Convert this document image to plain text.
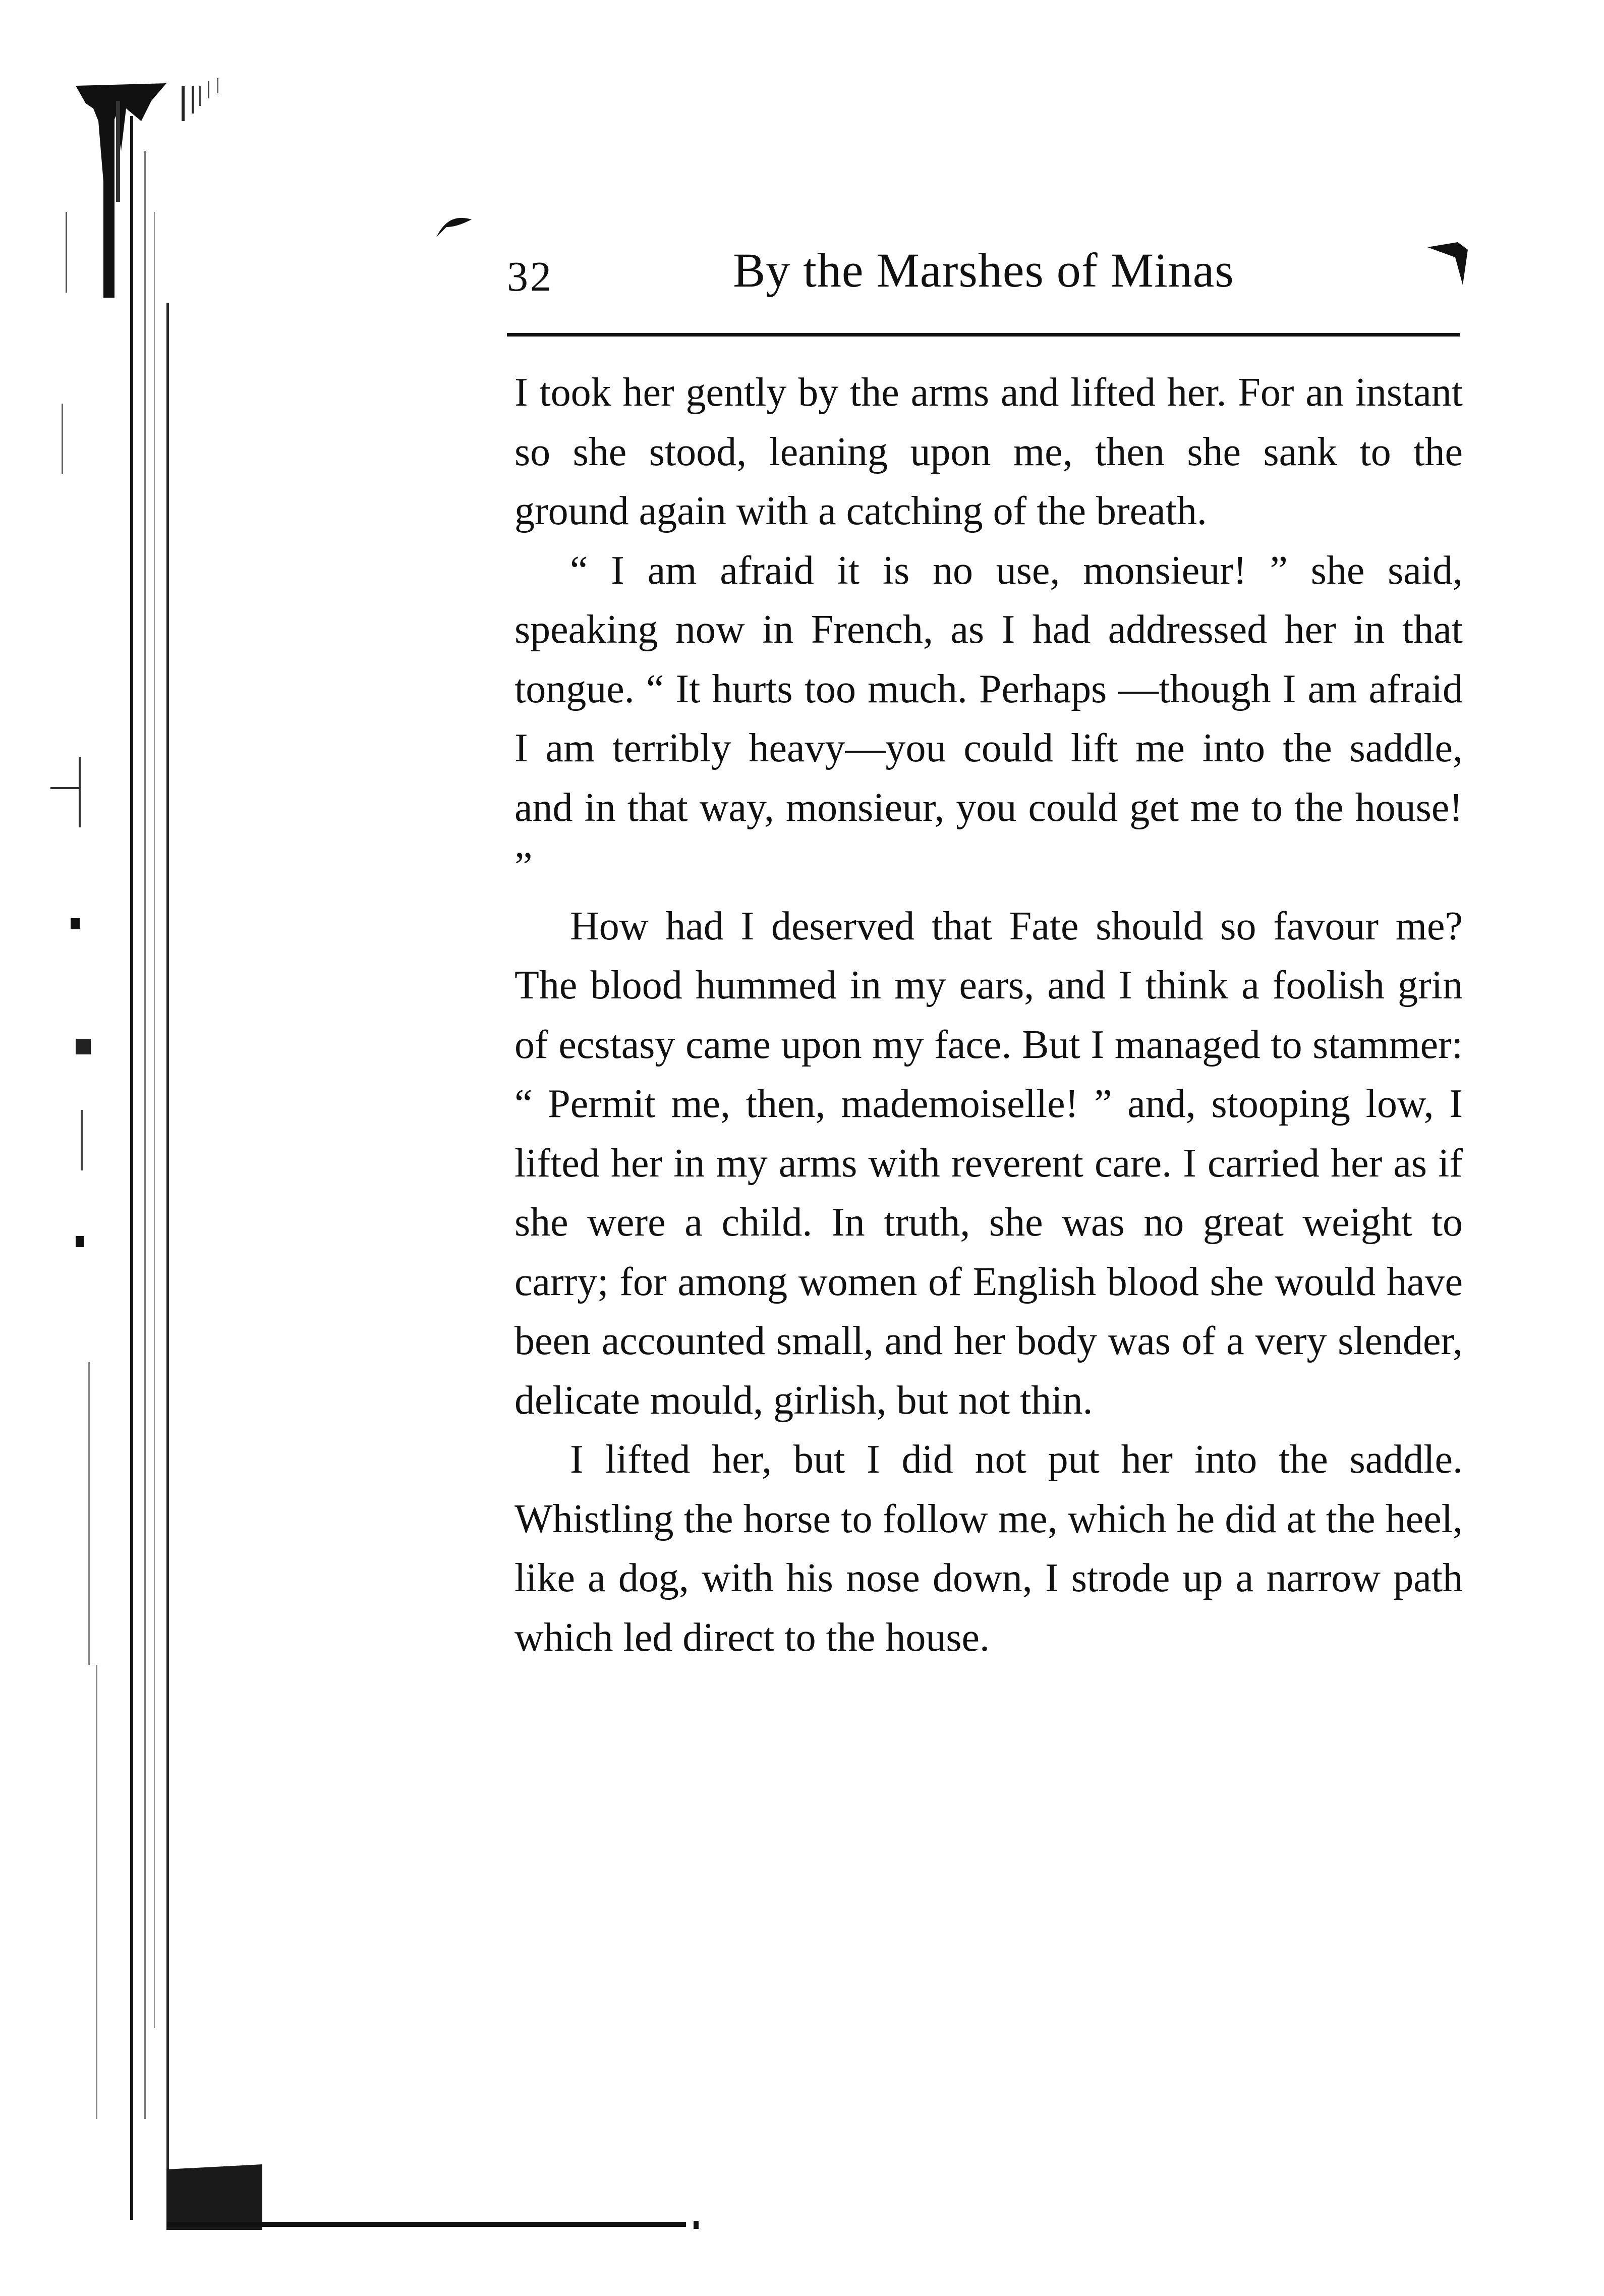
32	By the Marshes of Minas

I took her gently by the arms and lifted her. For an instant so she stood, leaning upon me, then she sank to the ground again with a catching of the breath.

“ I am afraid it is no use, monsieur! ” she said, speaking now in French, as I had addressed her in that tongue. “ It hurts too much. Perhaps —though I am afraid I am terribly heavy—you could lift me into the saddle, and in that way, monsieur, you could get me to the house! ”

How had I deserved that Fate should so favour me? The blood hummed in my ears, and I think a foolish grin of ecstasy came upon my face. But I managed to stammer: “ Permit me, then, mademoiselle! ” and, stooping low, I lifted her in my arms with reverent care. I carried her as if she were a child. In truth, she was no great weight to carry; for among women of English blood she would have been accounted small, and her body was of a very slender, delicate mould, girlish, but not thin.

I lifted her, but I did not put her into the saddle. Whistling the horse to follow me, which he did at the heel, like a dog, with his nose down, I strode up a narrow path which led direct to the house.
